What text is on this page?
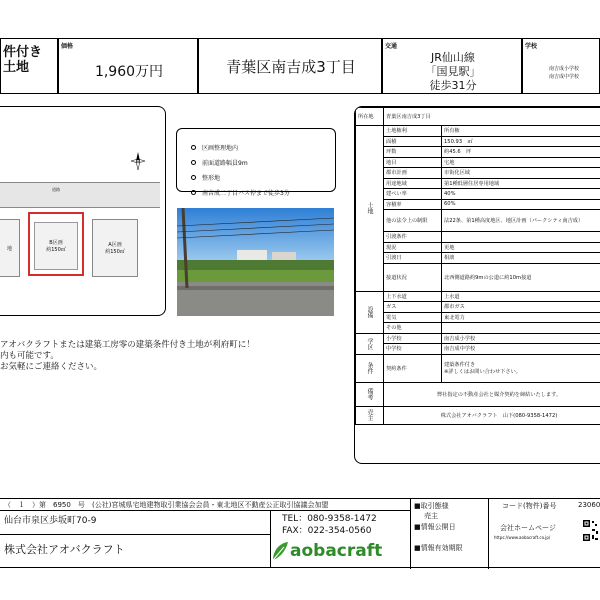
件付き
土地
価格
1,960万円	青葉区南吉成3丁目
交通
JR仙山線
「国見駅」
徒歩31分
学校
南吉成小学校
南吉成中学校
道路
地
B区画
約150㎡
A区画
約150㎡
区画整理地内
前面道路幅員9m
整形地
南吉成二丁目バス停まで徒歩3分
アオバクラフトまたは建築工房零の建築条件付き土地が利府町に！
内も可能です。
お気軽にご連絡ください。
所在地	青葉区南吉成3丁目	
土地	土地権利	所有権
	面積	150.93　㎡
	坪数	約45.6　坪
	地目	宅地
	都市計画	市街化区域
	用途地域	第1種低層住居専用地域
	建ぺい率	40%
	容積率	60%
	他の法令上の制限	法22条、第1種高度地区、地区計画（パークシティ南吉成）
	引渡条件	
	現況	更地
	引渡日	相談
	接道状況	北西側道路約9mの公道に約10m接道
設備	上下水道	上水道
	ガス	都市ガス
	電気	東北電力
	その他	
学区	小学校	南吉成小学校
	中学校	南吉成中学校
条件	契約条件	建築条件付き
※詳しくはお問い合わせ下さい。

備考	弊社指定の不動産会社と媒介契約を締結いたします。	
売主	株式会社アオバクラフト　山下(080-9358-1472)	
（　１　）第　6950　号 (公社)宮城県宅地建物取引業協会会員・東北地区不動産公正取引協議会加盟
仙台市泉区歩坂町70-9	TEL：080-9358-1472
FAX：022-354-0560
株式会社アオバクラフト	aobacraft
■取引態様
売主
■情報公開日
■情報有効期限
コード(物件)番号	23060
会社ホームページ
https://www.aobacraft.co.jp/
